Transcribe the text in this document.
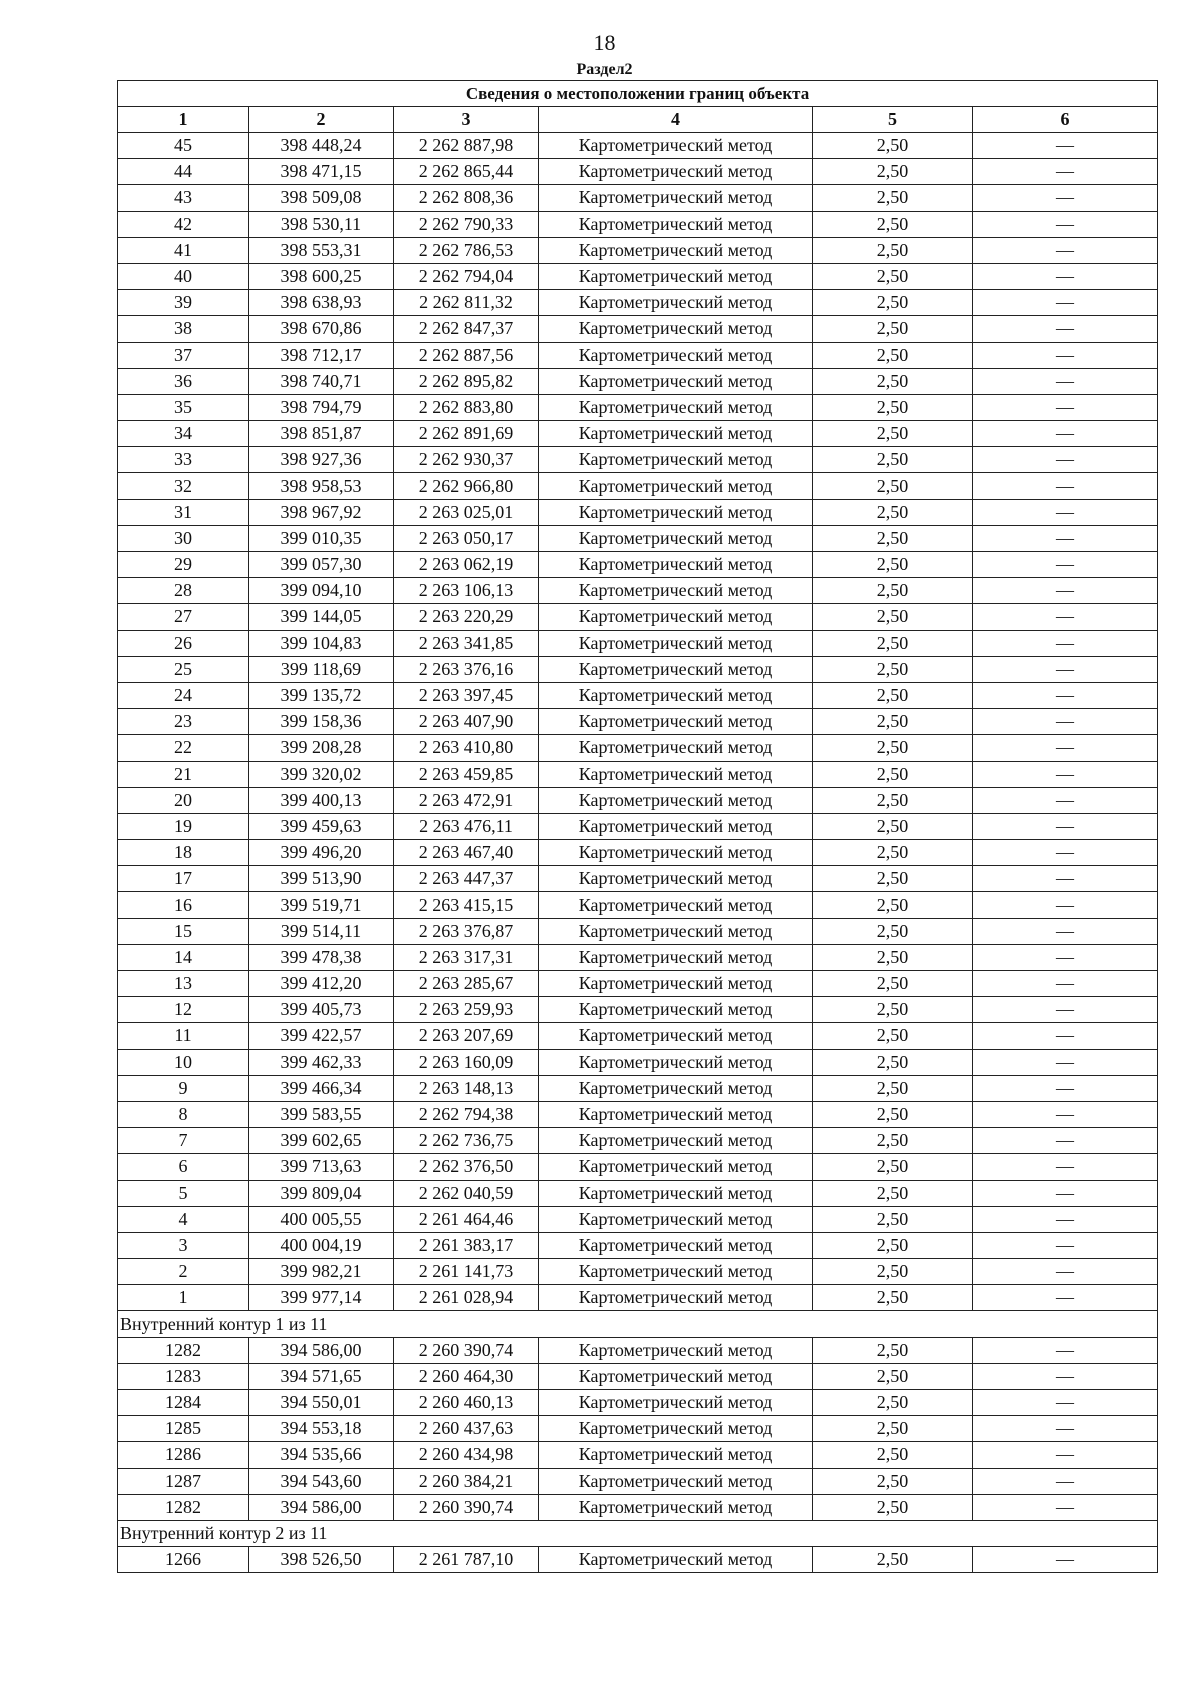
18
Раздел2
Сведения о местоположении границ объекта					
1	2	3	4	5	6
45	398 448,24	2 262 887,98	Картометрический метод	2,50	—
44	398 471,15	2 262 865,44	Картометрический метод	2,50	—
43	398 509,08	2 262 808,36	Картометрический метод	2,50	—
42	398 530,11	2 262 790,33	Картометрический метод	2,50	—
41	398 553,31	2 262 786,53	Картометрический метод	2,50	—
40	398 600,25	2 262 794,04	Картометрический метод	2,50	—
39	398 638,93	2 262 811,32	Картометрический метод	2,50	—
38	398 670,86	2 262 847,37	Картометрический метод	2,50	—
37	398 712,17	2 262 887,56	Картометрический метод	2,50	—
36	398 740,71	2 262 895,82	Картометрический метод	2,50	—
35	398 794,79	2 262 883,80	Картометрический метод	2,50	—
34	398 851,87	2 262 891,69	Картометрический метод	2,50	—
33	398 927,36	2 262 930,37	Картометрический метод	2,50	—
32	398 958,53	2 262 966,80	Картометрический метод	2,50	—
31	398 967,92	2 263 025,01	Картометрический метод	2,50	—
30	399 010,35	2 263 050,17	Картометрический метод	2,50	—
29	399 057,30	2 263 062,19	Картометрический метод	2,50	—
28	399 094,10	2 263 106,13	Картометрический метод	2,50	—
27	399 144,05	2 263 220,29	Картометрический метод	2,50	—
26	399 104,83	2 263 341,85	Картометрический метод	2,50	—
25	399 118,69	2 263 376,16	Картометрический метод	2,50	—
24	399 135,72	2 263 397,45	Картометрический метод	2,50	—
23	399 158,36	2 263 407,90	Картометрический метод	2,50	—
22	399 208,28	2 263 410,80	Картометрический метод	2,50	—
21	399 320,02	2 263 459,85	Картометрический метод	2,50	—
20	399 400,13	2 263 472,91	Картометрический метод	2,50	—
19	399 459,63	2 263 476,11	Картометрический метод	2,50	—
18	399 496,20	2 263 467,40	Картометрический метод	2,50	—
17	399 513,90	2 263 447,37	Картометрический метод	2,50	—
16	399 519,71	2 263 415,15	Картометрический метод	2,50	—
15	399 514,11	2 263 376,87	Картометрический метод	2,50	—
14	399 478,38	2 263 317,31	Картометрический метод	2,50	—
13	399 412,20	2 263 285,67	Картометрический метод	2,50	—
12	399 405,73	2 263 259,93	Картометрический метод	2,50	—
11	399 422,57	2 263 207,69	Картометрический метод	2,50	—
10	399 462,33	2 263 160,09	Картометрический метод	2,50	—
9	399 466,34	2 263 148,13	Картометрический метод	2,50	—
8	399 583,55	2 262 794,38	Картометрический метод	2,50	—
7	399 602,65	2 262 736,75	Картометрический метод	2,50	—
6	399 713,63	2 262 376,50	Картометрический метод	2,50	—
5	399 809,04	2 262 040,59	Картометрический метод	2,50	—
4	400 005,55	2 261 464,46	Картометрический метод	2,50	—
3	400 004,19	2 261 383,17	Картометрический метод	2,50	—
2	399 982,21	2 261 141,73	Картометрический метод	2,50	—
1	399 977,14	2 261 028,94	Картометрический метод	2,50	—
Внутренний контур 1 из 11					
1282	394 586,00	2 260 390,74	Картометрический метод	2,50	—
1283	394 571,65	2 260 464,30	Картометрический метод	2,50	—
1284	394 550,01	2 260 460,13	Картометрический метод	2,50	—
1285	394 553,18	2 260 437,63	Картометрический метод	2,50	—
1286	394 535,66	2 260 434,98	Картометрический метод	2,50	—
1287	394 543,60	2 260 384,21	Картометрический метод	2,50	—
1282	394 586,00	2 260 390,74	Картометрический метод	2,50	—
Внутренний контур 2 из 11					
1266	398 526,50	2 261 787,10	Картометрический метод	2,50	—
